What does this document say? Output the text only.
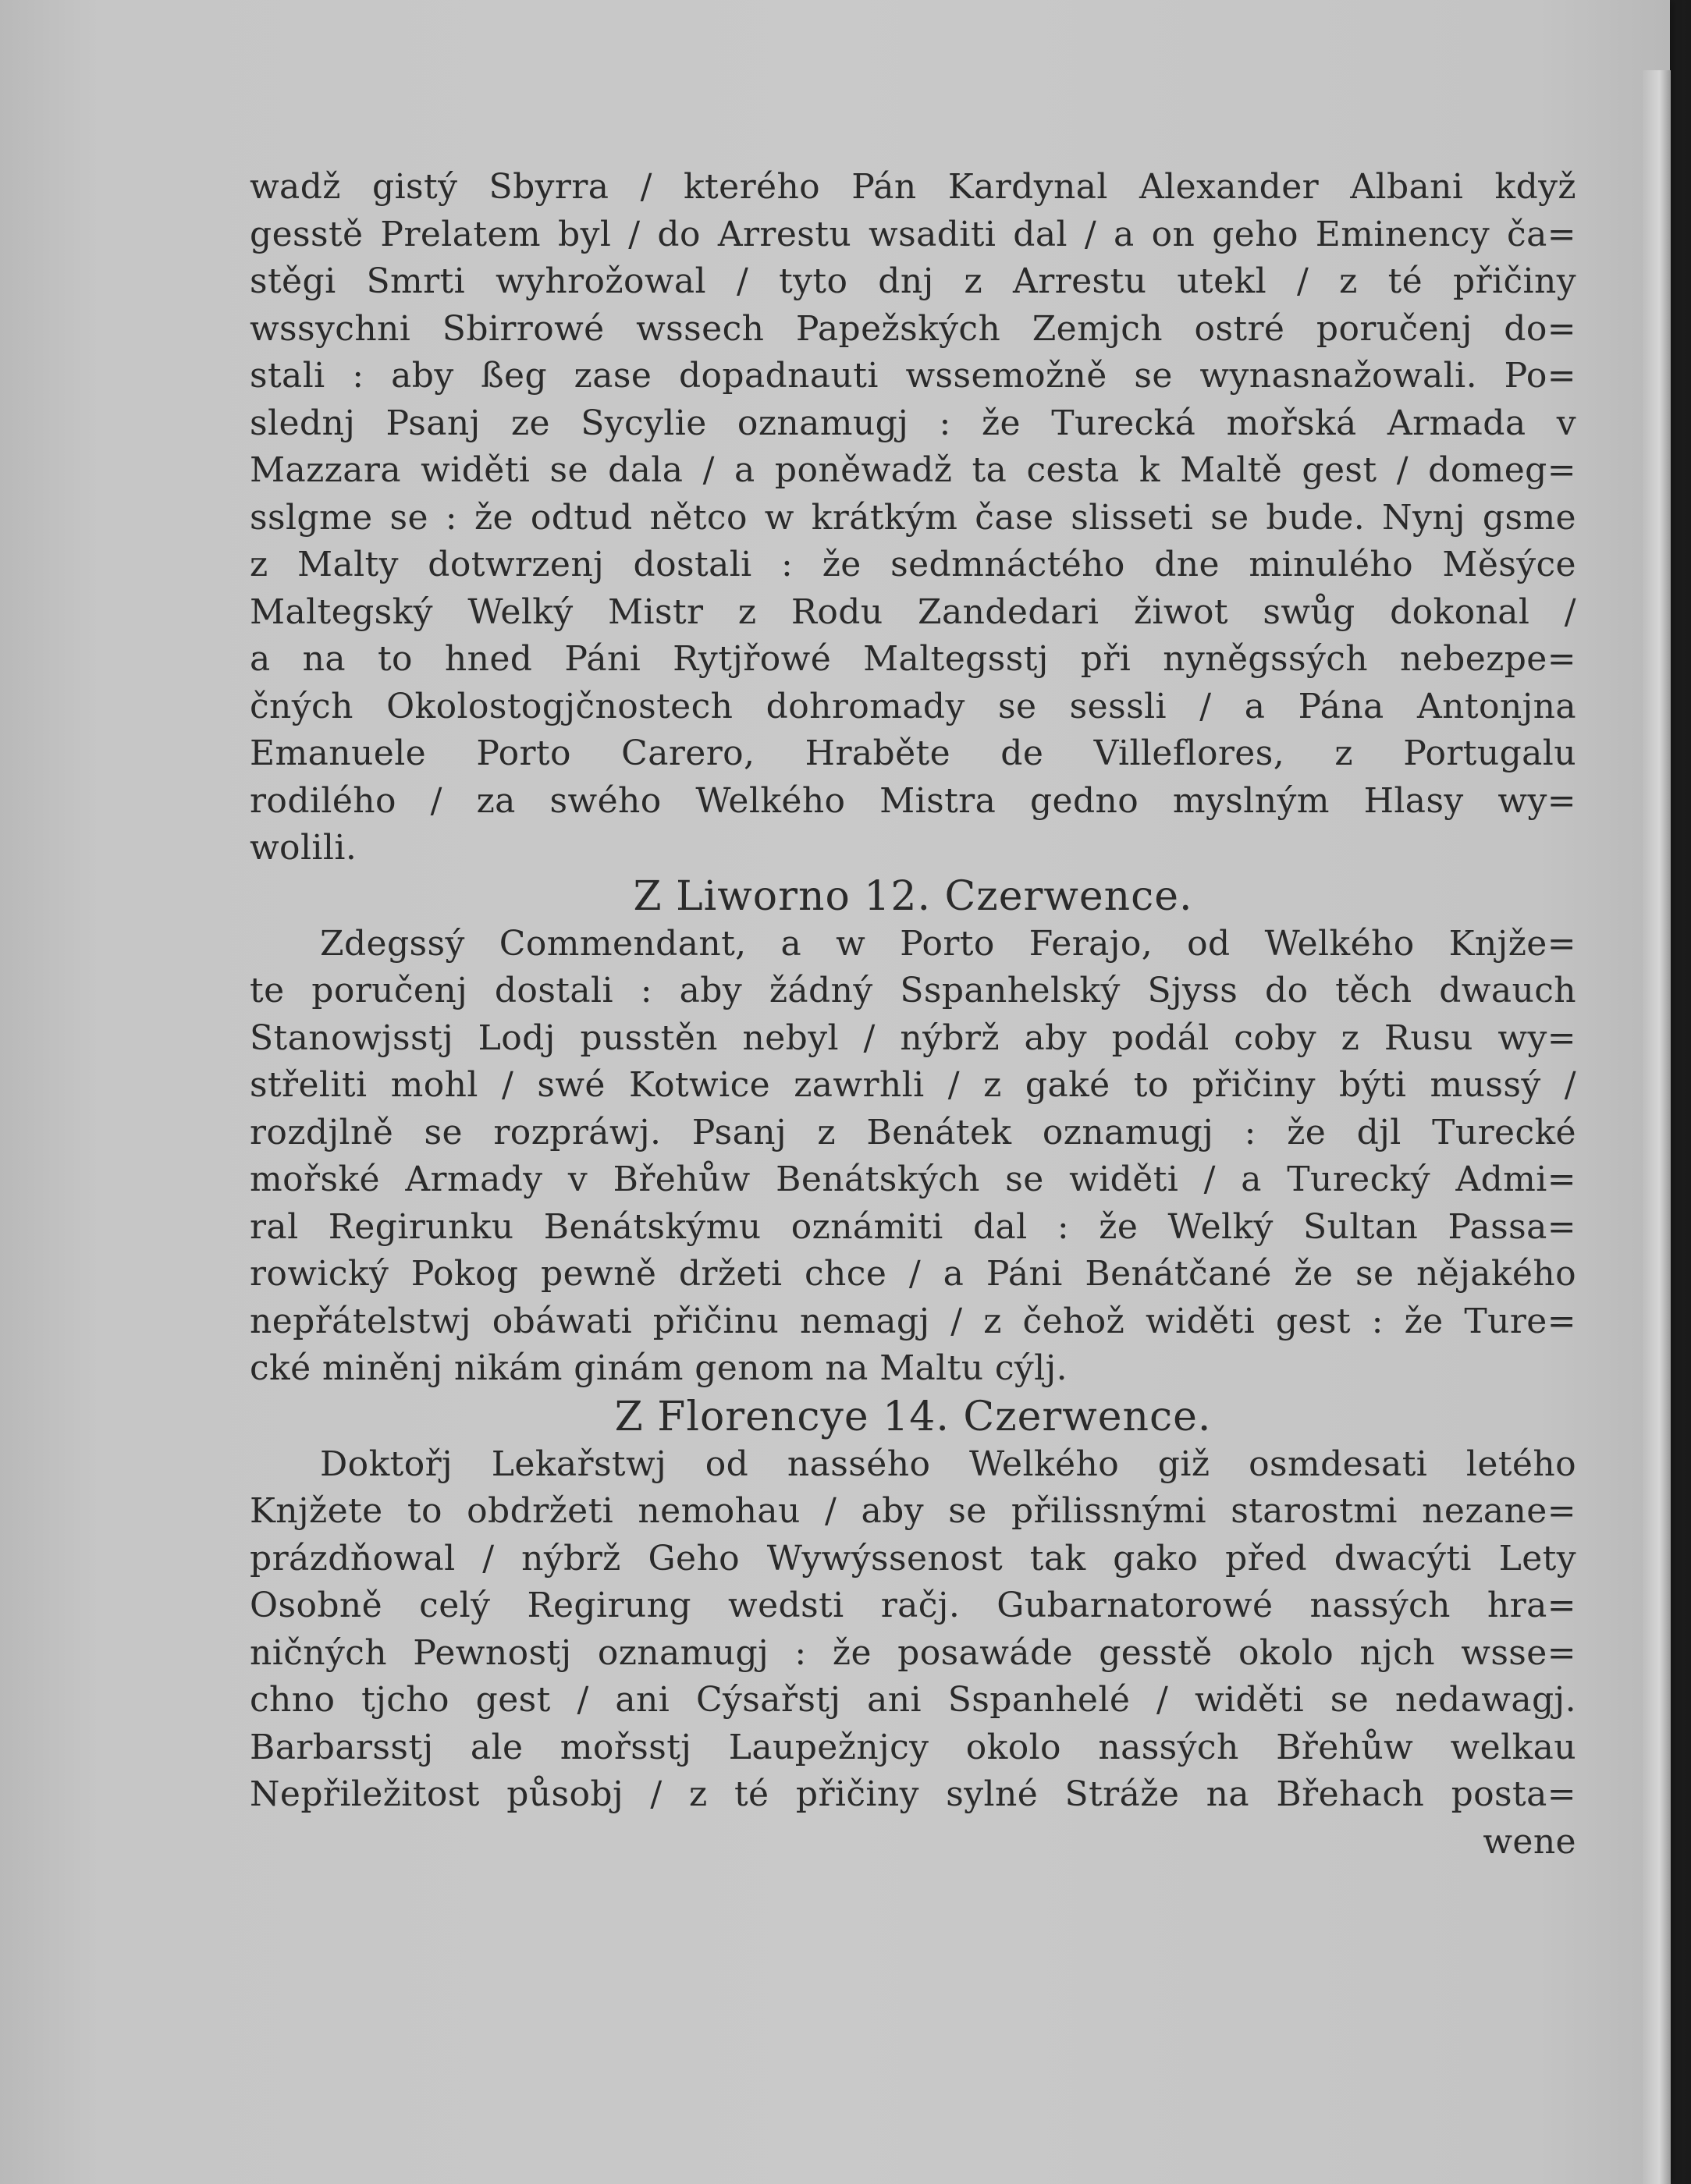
wadž gistý Sbyrra / kterého Pán Kardynal Alexander Albani když
gesstě Prelatem byl / do Arrestu wsaditi dal / a on geho Eminency ča=
stěgi Smrti wyhrožowal / tyto dnj z Arrestu utekl / z té přičiny
wssychni Sbirrowé wssech Papežských Zemjch ostré poručenj do=
stali : aby ßeg zase dopadnauti wssemožně se wynasnažowali. Po=
slednj Psanj ze Sycylie oznamugj : že Turecká mořská Armada v
Mazzara widěti se dala / a poněwadž ta cesta k Maltě gest / domeg=
sslgme se : že odtud nětco w krátkým čase slisseti se bude. Nynj gsme
z Malty dotwrzenj dostali : že sedmnáctého dne minulého Měsýce
Maltegský Welký Mistr z Rodu Zandedari žiwot swůg dokonal /
a na to hned Páni Rytjřowé Maltegsstj při nyněgssých nebezpe=
čných Okolostogjčnostech dohromady se sessli / a Pána Antonjna
Emanuele Porto Carero, Hraběte de Villeflores, z Portugalu
rodilého / za swého Welkého Mistra gedno myslným Hlasy wy=
wolili.
Z Liworno 12. Czerwence.
Zdegssý Commendant, a w Porto Ferajo, od Welkého Knjže=
te poručenj dostali : aby žádný Sspanhelský Sjyss do těch dwauch
Stanowjsstj Lodj pusstěn nebyl / nýbrž aby podál coby z Rusu wy=
střeliti mohl / swé Kotwice zawrhli / z gaké to přičiny býti mussý /
rozdjlně se rozpráwj. Psanj z Benátek oznamugj : že djl Turecké
mořské Armady v Břehůw Benátských se widěti / a Turecký Admi=
ral Regirunku Benátskýmu oznámiti dal : že Welký Sultan Passa=
rowický Pokog pewně držeti chce / a Páni Benátčané že se nějakého
nepřátelstwj obáwati přičinu nemagj / z čehož widěti gest : že Ture=
cké miněnj nikám ginám genom na Maltu cýlj.
Z Florencye 14. Czerwence.
Doktořj Lekařstwj od nassého Welkého giž osmdesati letého
Knjžete to obdržeti nemohau / aby se přilissnými starostmi nezane=
prázdňowal / nýbrž Geho Wywýssenost tak gako před dwacýti Lety
Osobně celý Regirung wedsti račj. Gubarnatorowé nassých hra=
ničných Pewnostj oznamugj : že posawáde gesstě okolo njch wsse=
chno tjcho gest / ani Cýsařstj ani Sspanhelé / widěti se nedawagj.
Barbarsstj ale mořsstj Laupežnjcy okolo nassých Břehůw welkau
Nepřiležitost působj / z té přičiny sylné Stráže na Břehach posta=
wene
